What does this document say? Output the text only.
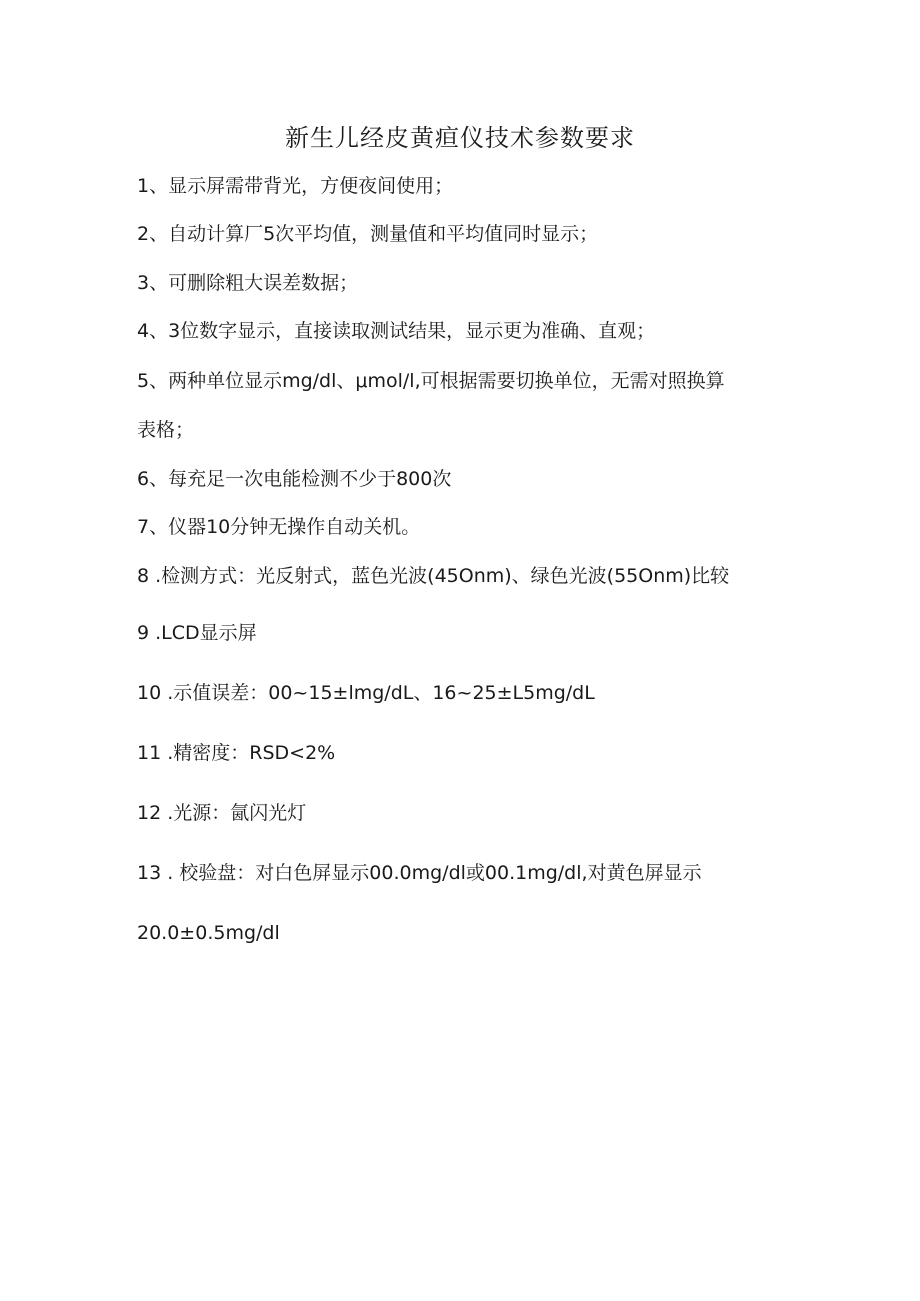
新生儿经皮黄疸仪技术参数要求
1、显示屏需带背光，方便夜间使用；
2、自动计算厂5次平均值，测量值和平均值同时显示；
3、可删除粗大误差数据；
4、3位数字显示，直接读取测试结果，显示更为准确、直观；
5、两种单位显示mg/dl、μmol/l,可根据需要切换单位，无需对照换算
表格；
6、每充足一次电能检测不少于800次
7、仪器10分钟无操作自动关机。
8 .检测方式：光反射式，蓝色光波(45Onm)、绿色光波(55Onm)比较
9 .LCD显示屏
10 .示值误差：00~15±lmg/dL、16~25±L5mg/dL
11 .精密度：RSD<2%
12 .光源：氤闪光灯
13 . 校验盘：对白色屏显示00.0mg/dl或00.1mg/dl,对黄色屏显示
20.0±0.5mg/dl
